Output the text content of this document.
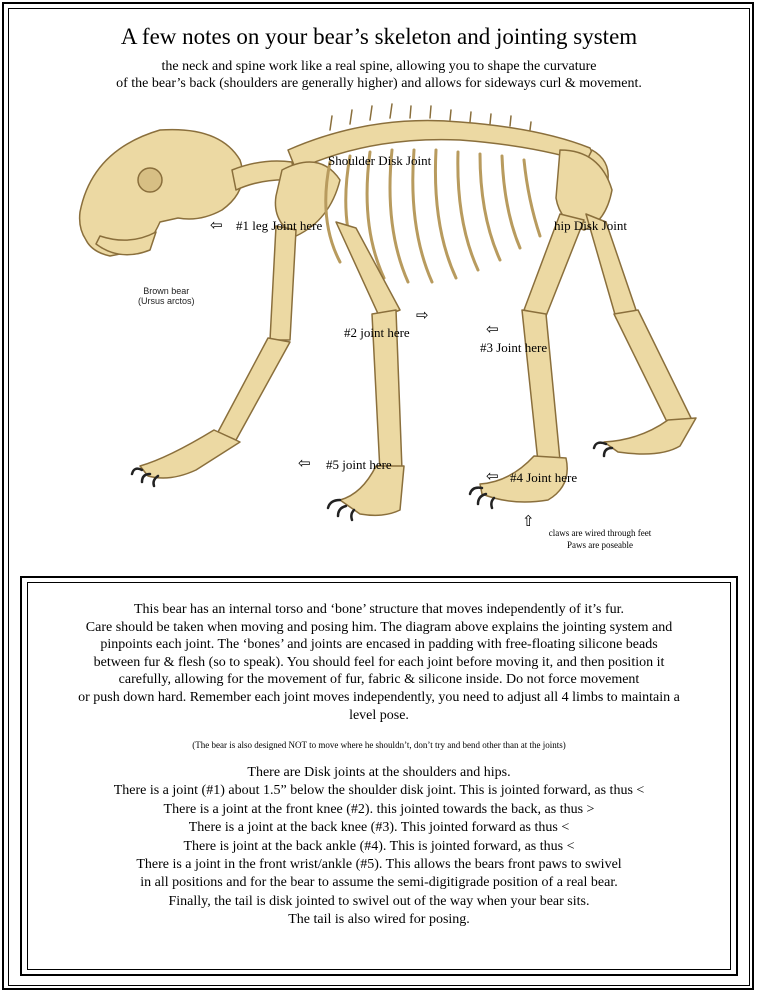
A few notes on your bear’s skeleton and jointing system
the neck and spine work like a real spine, allowing you to shape the curvature
of the bear’s back (shoulders are generally higher) and allows for sideways curl & movement.
Brown bear
(Ursus arctos)
Shoulder Disk Joint
hip Disk Joint
⇦ #1 leg Joint here
⇨
#2 joint here	⇦
#3 Joint here
⇦ #5 joint here
⇦ #4 Joint here
⇧
claws are wired through feet
Paws are poseable
This bear has an internal torso and ‘bone’ structure that moves independently of it’s fur.
Care should be taken when moving and posing him. The diagram above explains the jointing system and
pinpoints each joint. The ‘bones’ and joints are encased in padding with free-floating silicone beads
between fur & flesh (so to speak). You should feel for each joint before moving it, and then position it
carefully, allowing for the movement of fur, fabric & silicone inside. Do not force movement
or push down hard. Remember each joint moves independently, you need to adjust all 4 limbs to maintain a
level pose.
(The bear is also designed NOT to move where he shouldn’t, don’t try and bend other than at the joints)
There are Disk joints at the shoulders and hips.
There is a joint (#1) about 1.5” below the shoulder disk joint. This is jointed forward, as thus <
There is a joint at the front knee (#2). this jointed towards the back, as thus >
There is a joint at the back knee (#3). This jointed forward as thus <
There is joint at the back ankle (#4). This is jointed forward, as thus <
There is a joint in the front wrist/ankle (#5). This allows the bears front paws to swivel
in all positions and for the bear to assume the semi-digitigrade position of a real bear.
Finally, the tail is disk jointed to swivel out of the way when your bear sits.
The tail is also wired for posing.
